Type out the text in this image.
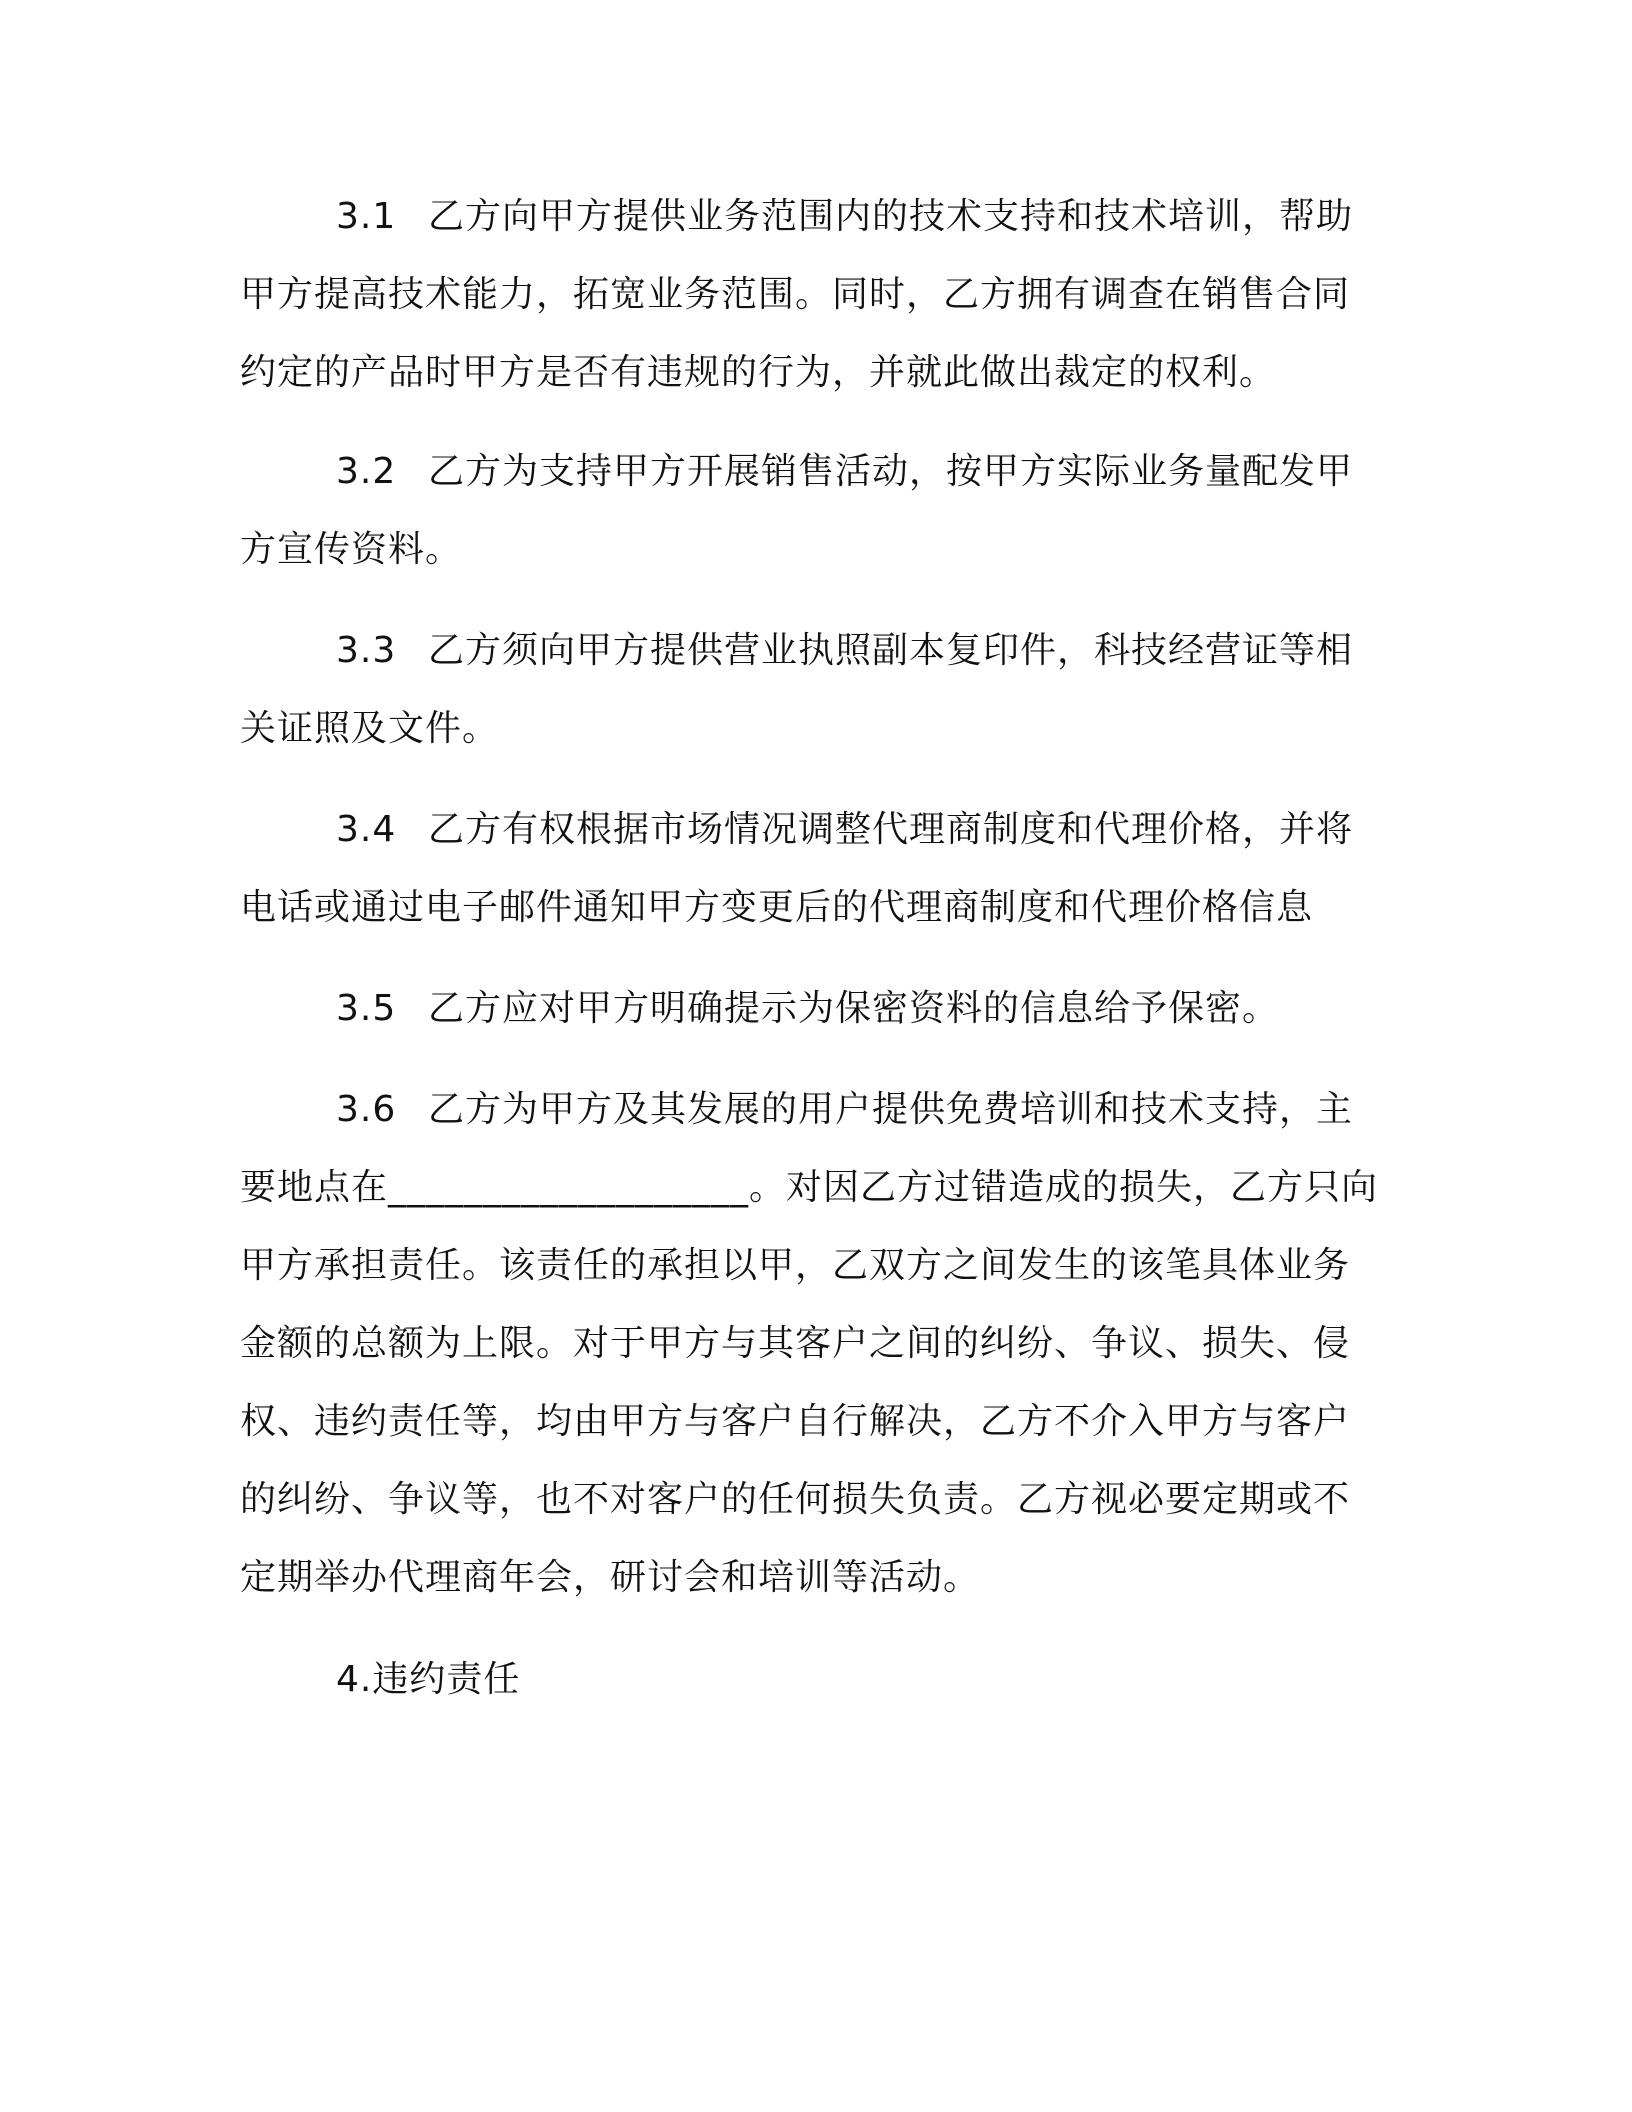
3.1 乙方向甲方提供业务范围内的技术支持和技术培训，帮助
甲方提高技术能力，拓宽业务范围。同时，乙方拥有调查在销售合同
约定的产品时甲方是否有违规的行为，并就此做出裁定的权利。
3.2 乙方为支持甲方开展销售活动，按甲方实际业务量配发甲
方宣传资料。
3.3 乙方须向甲方提供营业执照副本复印件，科技经营证等相
关证照及文件。
3.4 乙方有权根据市场情况调整代理商制度和代理价格，并将
电话或通过电子邮件通知甲方变更后的代理商制度和代理价格信息
3.5 乙方应对甲方明确提示为保密资料的信息给予保密。
3.6 乙方为甲方及其发展的用户提供免费培训和技术支持，主
要地点在___________________。对因乙方过错造成的损失，乙方只向
甲方承担责任。该责任的承担以甲，乙双方之间发生的该笔具体业务
金额的总额为上限。对于甲方与其客户之间的纠纷、争议、损失、侵
权、违约责任等，均由甲方与客户自行解决，乙方不介入甲方与客户
的纠纷、争议等，也不对客户的任何损失负责。乙方视必要定期或不
定期举办代理商年会，研讨会和培训等活动。
4.违约责任
